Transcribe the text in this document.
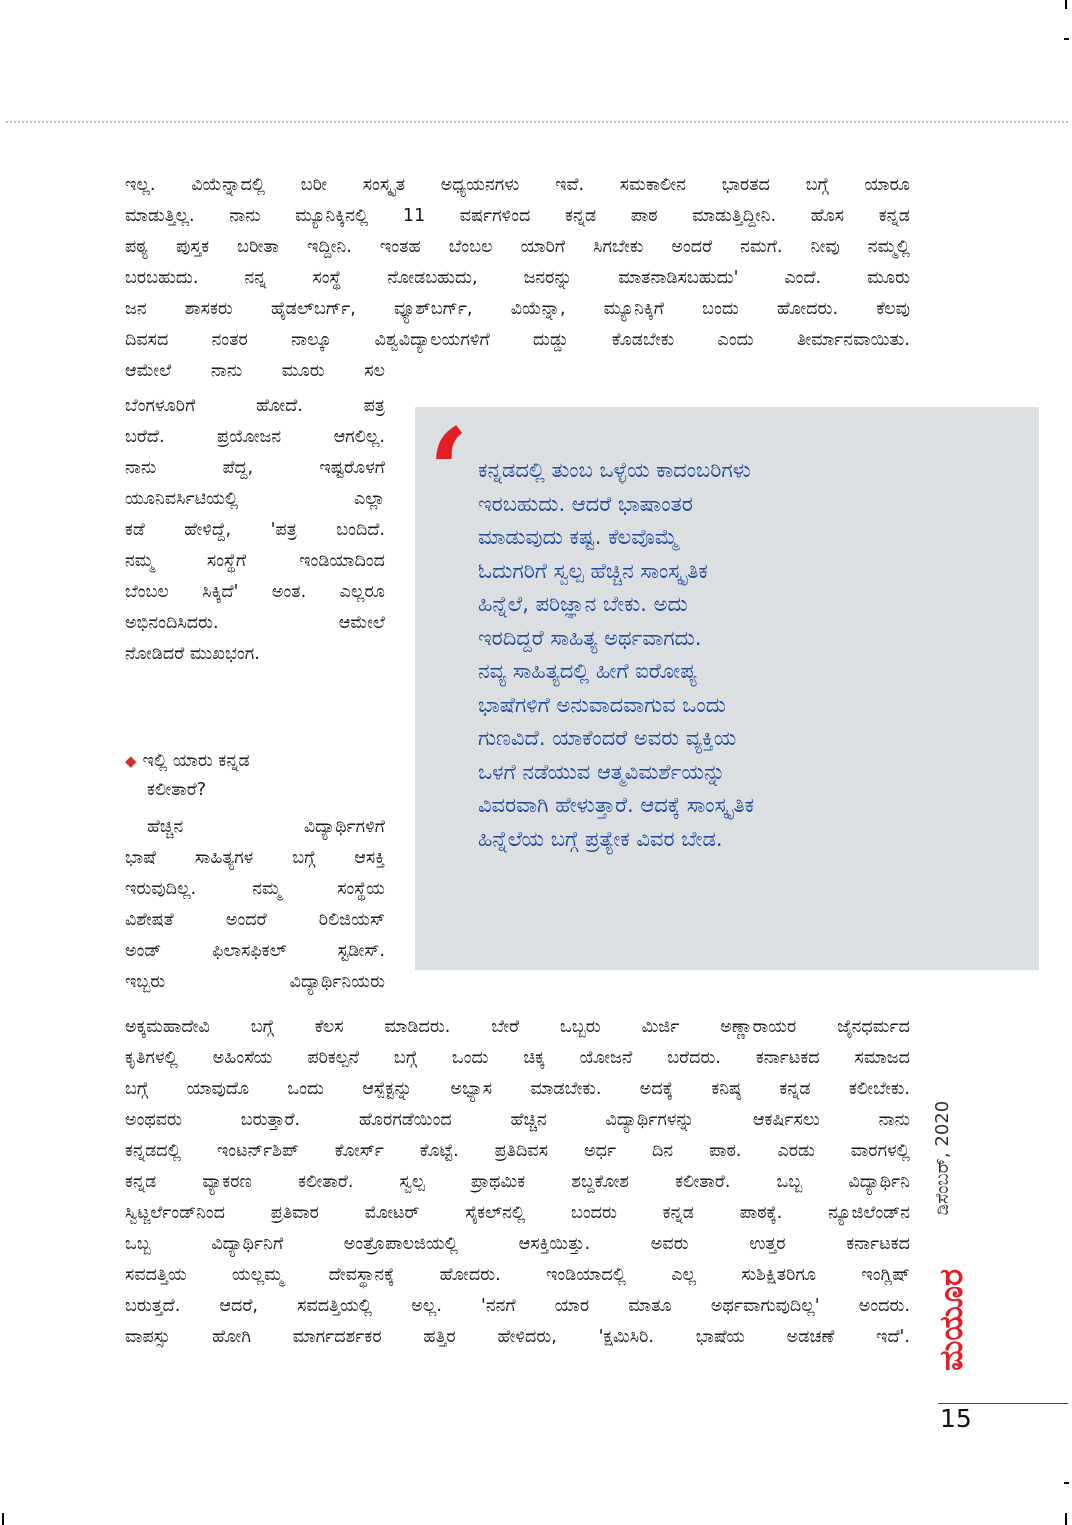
ಇಲ್ಲ. ವಿಯೆನ್ನಾದಲ್ಲಿ ಬರೀ ಸಂಸ್ಕೃತ ಅಧ್ಯಯನಗಳು ಇವೆ. ಸಮಕಾಲೀನ ಭಾರತದ ಬಗ್ಗೆ ಯಾರೂ

ಮಾಡುತ್ತಿಲ್ಲ. ನಾನು ಮ್ಯೂನಿಕ್ಕಿನಲ್ಲಿ 11 ವರ್ಷಗಳಿಂದ ಕನ್ನಡ ಪಾಠ ಮಾಡುತ್ತಿದ್ದೀನಿ. ಹೊಸ ಕನ್ನಡ

ಪಠ್ಯ ಪುಸ್ತಕ ಬರೀತಾ ಇದ್ದೀನಿ. ಇಂತಹ ಬೆಂಬಲ ಯಾರಿಗೆ ಸಿಗಬೇಕು ಅಂದರೆ ನಮಗೆ. ನೀವು ನಮ್ಮಲ್ಲಿ

ಬರಬಹುದು. ನನ್ನ ಸಂಸ್ಥೆ ನೋಡಬಹುದು, ಜನರನ್ನು ಮಾತನಾಡಿಸಬಹುದು' ಎಂದೆ. ಮೂರು

ಜನ ಶಾಸಕರು ಹೈಡಲ್‌ಬರ್ಗ್, ವ್ಯೂಶ್‌ಬರ್ಗ್, ವಿಯೆನ್ನಾ, ಮ್ಯೂನಿಕ್ಕಿಗೆ ಬಂದು ಹೋದರು. ಕೆಲವು

ದಿವಸದ ನಂತರ ನಾಲ್ಕೂ ವಿಶ್ವವಿದ್ಯಾಲಯಗಳಿಗೆ ದುಡ್ಡು ಕೊಡಬೇಕು ಎಂದು ತೀರ್ಮಾನವಾಯಿತು.

ಆಮೇಲೆ ನಾನು ಮೂರು ಸಲ

ಬೆಂಗಳೂರಿಗೆ ಹೋದೆ. ಪತ್ರ

ಬರೆದೆ. ಪ್ರಯೋಜನ ಆಗಲಿಲ್ಲ.

ನಾನು ಪೆದ್ದ, ಇಷ್ಟರೊಳಗೆ

ಯೂನಿವರ್ಸಿಟಿಯಲ್ಲಿ ಎಲ್ಲಾ

ಕಡೆ ಹೇಳಿದ್ದೆ, 'ಪತ್ರ ಬಂದಿದೆ.

ನಮ್ಮ ಸಂಸ್ಥೆಗೆ ಇಂಡಿಯಾದಿಂದ

ಬೆಂಬಲ ಸಿಕ್ಕಿದೆ' ಅಂತ. ಎಲ್ಲರೂ

ಅಭಿನಂದಿಸಿದರು. ಆಮೇಲೆ

ನೋಡಿದರೆ ಮುಖಭಂಗ.

◆ ಇಲ್ಲಿ ಯಾರು ಕನ್ನಡ
ಕಲೀತಾರೆ?

ಹೆಚ್ಚಿನ ವಿದ್ಯಾರ್ಥಿಗಳಿಗೆ

ಭಾಷೆ ಸಾಹಿತ್ಯಗಳ ಬಗ್ಗೆ ಆಸಕ್ತಿ

ಇರುವುದಿಲ್ಲ. ನಮ್ಮ ಸಂಸ್ಥೆಯ

ವಿಶೇಷತೆ ಅಂದರೆ ರಿಲಿಜಿಯಸ್

ಅಂಡ್ ಫಿಲಾಸಫಿಕಲ್ ಸ್ಟಡೀಸ್.

ಇಬ್ಬರು ವಿದ್ಯಾರ್ಥಿನಿಯರು

‘ ಕನ್ನಡದಲ್ಲಿ ತುಂಬ ಒಳ್ಳೆಯ ಕಾದಂಬರಿಗಳು
ಇರಬಹುದು. ಆದರೆ ಭಾಷಾಂತರ
ಮಾಡುವುದು ಕಷ್ಟ. ಕೆಲವೊಮ್ಮೆ
ಓದುಗರಿಗೆ ಸ್ವಲ್ಪ ಹೆಚ್ಚಿನ ಸಾಂಸ್ಕೃತಿಕ
ಹಿನ್ನೆಲೆ, ಪರಿಜ್ಞಾನ ಬೇಕು. ಅದು
ಇರದಿದ್ದರೆ ಸಾಹಿತ್ಯ ಅರ್ಥವಾಗದು.
ನವ್ಯ ಸಾಹಿತ್ಯದಲ್ಲಿ ಹೀಗೆ ಐರೋಪ್ಯ
ಭಾಷೆಗಳಿಗೆ ಅನುವಾದವಾಗುವ ಒಂದು
ಗುಣವಿದೆ. ಯಾಕೆಂದರೆ ಅವರು ವ್ಯಕ್ತಿಯ
ಒಳಗೆ ನಡೆಯುವ ಆತ್ಮವಿಮರ್ಶೆಯನ್ನು
ವಿವರವಾಗಿ ಹೇಳುತ್ತಾರೆ. ಆದಕ್ಕೆ ಸಾಂಸ್ಕೃತಿಕ
ಹಿನ್ನೆಲೆಯ ಬಗ್ಗೆ ಪ್ರತ್ಯೇಕ ವಿವರ ಬೇಡ.

ಅಕ್ಕಮಹಾದೇವಿ ಬಗ್ಗೆ ಕೆಲಸ ಮಾಡಿದರು. ಬೇರೆ ಒಬ್ಬರು ಮಿರ್ಜಿ ಅಣ್ಣಾರಾಯರ ಜೈನಧರ್ಮದ

ಕೃತಿಗಳಲ್ಲಿ ಅಹಿಂಸೆಯ ಪರಿಕಲ್ಪನೆ ಬಗ್ಗೆ ಒಂದು ಚಿಕ್ಕ ಯೋಜನೆ ಬರೆದರು. ಕರ್ನಾಟಕದ ಸಮಾಜದ

ಬಗ್ಗೆ ಯಾವುದೊ ಒಂದು ಆಸ್ಪೆಕ್ಟನ್ನು ಅಭ್ಯಾಸ ಮಾಡಬೇಕು. ಅದಕ್ಕೆ ಕನಿಷ್ಠ ಕನ್ನಡ ಕಲೀಬೇಕು.

ಅಂಥವರು ಬರುತ್ತಾರೆ. ಹೊರಗಡೆಯಿಂದ ಹೆಚ್ಚಿನ ವಿದ್ಯಾರ್ಥಿಗಳನ್ನು ಆಕರ್ಷಿಸಲು ನಾನು

ಕನ್ನಡದಲ್ಲಿ ಇಂಟರ್ನ್‌ಶಿಪ್ ಕೋರ್ಸ್ ಕೊಟ್ಟೆ. ಪ್ರತಿದಿವಸ ಅರ್ಧ ದಿನ ಪಾಠ. ಎರಡು ವಾರಗಳಲ್ಲಿ

ಕನ್ನಡ ವ್ಯಾಕರಣ ಕಲೀತಾರೆ. ಸ್ವಲ್ಪ ಪ್ರಾಥಮಿಕ ಶಬ್ದಕೋಶ ಕಲೀತಾರೆ. ಒಬ್ಬ ವಿದ್ಯಾರ್ಥಿನಿ

ಸ್ವಿಟ್ಜರ್ಲೆಂಡ್‌ನಿಂದ ಪ್ರತಿವಾರ ಮೋಟರ್ ಸೈಕಲ್‌ನಲ್ಲಿ ಬಂದರು ಕನ್ನಡ ಪಾಠಕ್ಕೆ. ನ್ಯೂಜಿಲೆಂಡ್‌ನ

ಒಬ್ಬ ವಿದ್ಯಾರ್ಥಿನಿಗೆ ಅಂತ್ರೊಪಾಲಜಿಯಲ್ಲಿ ಆಸಕ್ತಿಯಿತ್ತು. ಅವರು ಉತ್ತರ ಕರ್ನಾಟಕದ

ಸವದತ್ತಿಯ ಯಲ್ಲಮ್ಮ ದೇವಸ್ಥಾನಕ್ಕೆ ಹೋದರು. ಇಂಡಿಯಾದಲ್ಲಿ ಎಲ್ಲ ಸುಶಿಕ್ಷಿತರಿಗೂ ಇಂಗ್ಲಿಷ್

ಬರುತ್ತದೆ. ಆದರೆ, ಸವದತ್ತಿಯಲ್ಲಿ ಅಲ್ಲ. 'ನನಗೆ ಯಾರ ಮಾತೂ ಅರ್ಥವಾಗುವುದಿಲ್ಲ' ಅಂದರು.

ವಾಪಸ್ಸು ಹೋಗಿ ಮಾರ್ಗದರ್ಶಕರ ಹತ್ತಿರ ಹೇಳಿದರು, 'ಕ್ಷಮಿಸಿರಿ. ಭಾಷೆಯ ಅಡಚಣೆ ಇದೆ'.

ಡಿಸೆಂಬರ್, 2020
ಮಯೂರ
15
